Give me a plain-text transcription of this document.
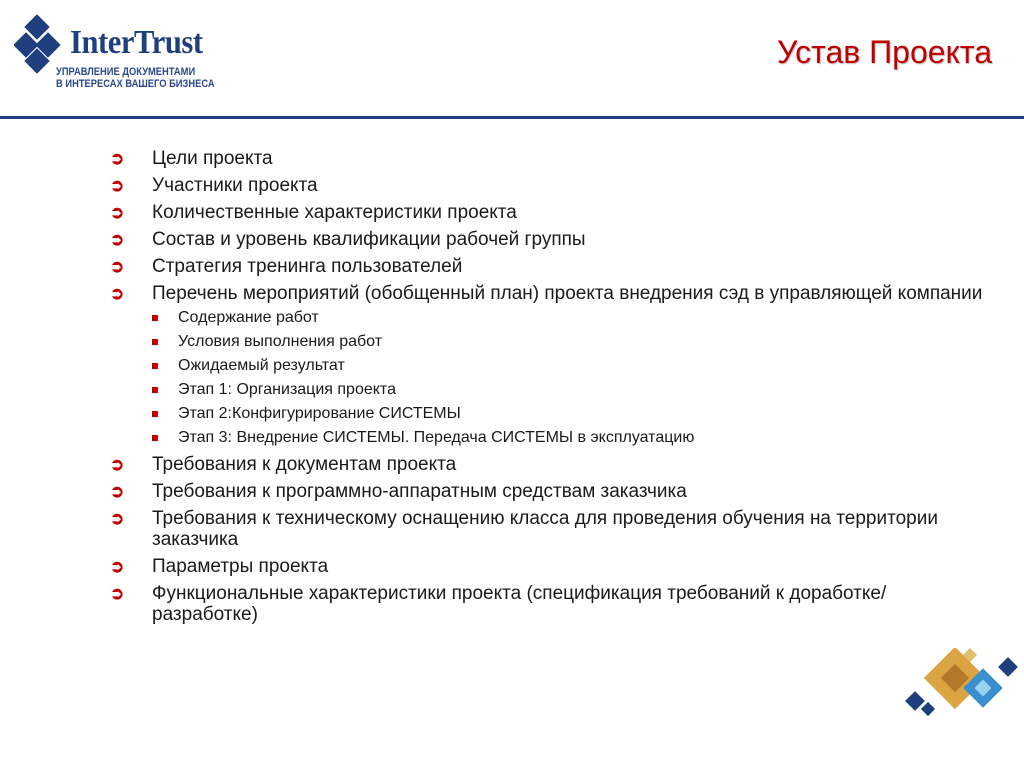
InterTrust
УПРАВЛЕНИЕ ДОКУМЕНТАМИ
В ИНТЕРЕСАХ ВАШЕГО БИЗНЕСА
Устав Проекта
➲ Цели проекта
➲ Участники проекта
➲ Количественные характеристики проекта
➲ Состав и уровень квалификации рабочей группы
➲ Стратегия тренинга пользователей
➲ Перечень мероприятий (обобщенный план) проекта внедрения сэд в управляющей компании
Содержание работ
Условия выполнения работ
Ожидаемый результат
Этап 1: Организация проекта
Этап 2:Конфигурирование СИСТЕМЫ
Этап 3: Внедрение СИСТЕМЫ. Передача СИСТЕМЫ в эксплуатацию
➲ Требования к документам проекта
➲ Требования к программно-аппаратным средствам заказчика
➲ Требования к техническому оснащению класса для проведения обучения на территории заказчика
➲ Параметры проекта
➲ Функциональные характеристики проекта (спецификация требований к доработке/разработке)
